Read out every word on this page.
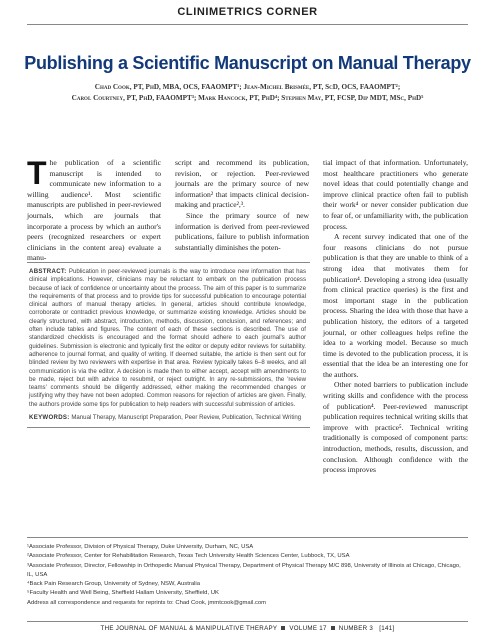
CLINIMETRICS CORNER
Publishing a Scientific Manuscript on Manual Therapy
Chad Cook, PT, PhD, MBA, OCS, FAAOMPT¹; Jean-Michel Brismée, PT, ScD, OCS, FAAOMPT²;
Carol Courtney, PT, PhD, FAAOMPT³; Mark Hancock, PT, PhD⁴; Stephen May, PT, FCSP, Dip MDT, MSc, PhD⁵

The publication of a scientific manuscript is intended to communicate new information to a willing audience¹. Most scientific manuscripts are published in peer-reviewed journals, which are journals that incorporate a process by which an author's peers (recognized researchers or expert clinicians in the content area) evaluate a manu-

script and recommend its publication, revision, or rejection. Peer-reviewed journals are the primary source of new information² that impacts clinical decision-making and practice²,³.

Since the primary source of new information is derived from peer-reviewed publications, failure to publish information substantially diminishes the poten-

tial impact of that information. Unfortunately, most healthcare practitioners who generate novel ideas that could potentially change and improve clinical practice often fail to publish their work⁴ or never consider publication due to fear of, or unfamiliarity with, the publication process.

A recent survey indicated that one of the four reasons clinicians do not pursue publication is that they are unable to think of a strong idea that motivates them for publication⁴. Developing a strong idea (usually from clinical practice queries) is the first and most important stage in the publication process. Sharing the idea with those that have a publication history, the editors of a targeted journal, or other colleagues helps refine the idea to a working model. Because so much time is devoted to the publication process, it is essential that the idea be an interesting one for the authors.

Other noted barriers to publication include writing skills and confidence with the process of publication⁴. Peer-reviewed manuscript publication requires technical writing skills that improve with practice⁵. Technical writing traditionally is composed of component parts: introduction, methods, results, discussion, and conclusion. Although confidence with the process improves

ABSTRACT: Publication in peer-reviewed journals is the way to introduce new information that has clinical implications. However, clinicians may be reluctant to embark on the publication process because of lack of confidence or uncertainty about the process. The aim of this paper is to summarize the requirements of that process and to provide tips for successful publication to encourage potential clinical authors of manual therapy articles. In general, articles should contribute knowledge, corroborate or contradict previous knowledge, or summarize existing knowledge. Articles should be clearly structured, with abstract, introduction, methods, discussion, conclusion, and references; and often include tables and figures. The content of each of these sections is described. The use of standardized checklists is encouraged and the format should adhere to each journal's author guidelines. Submission is electronic and typically first the editor or deputy editor reviews for suitability. adherence to journal format, and quality of writing. If deemed suitable, the article is then sent out for blinded review by two reviewers with expertise in that area. Review typically takes 6–8 weeks, and all communication is via the editor. A decision is made then to either accept, accept with amendments to be made, reject but with advice to resubmit, or reject outright. In any re-submissions, the 'review teams' comments should be diligently addressed, either making the recommended changes or justifying why they have not been adopted. Common reasons for rejection of articles are given. Finally, the authors provide some tips for publication to help readers with successful submission of articles.
KEYWORDS: Manual Therapy, Manuscript Preparation, Peer Review, Publication, Technical Writing
¹Associate Professor, Division of Physical Therapy, Duke University, Durham, NC, USA
²Associate Professor, Center for Rehabilitation Research, Texas Tech University Health Sciences Center, Lubbock, TX, USA
³Associate Professor, Director, Fellowship in Orthopedic Manual Physical Therapy, Department of Physical Therapy M/C 898, University of Illinois at Chicago, Chicago, IL, USA
⁴Back Pain Research Group, University of Sydney, NSW, Australia
⁵Faculty Health and Well Being, Sheffield Hallam University, Sheffield, UK
Address all correspondence and requests for reprints to: Chad Cook, jmmtcook@gmail.com
THE JOURNAL OF MANUAL & MANIPULATIVE THERAPY VOLUME 17 NUMBER 3 [141]
